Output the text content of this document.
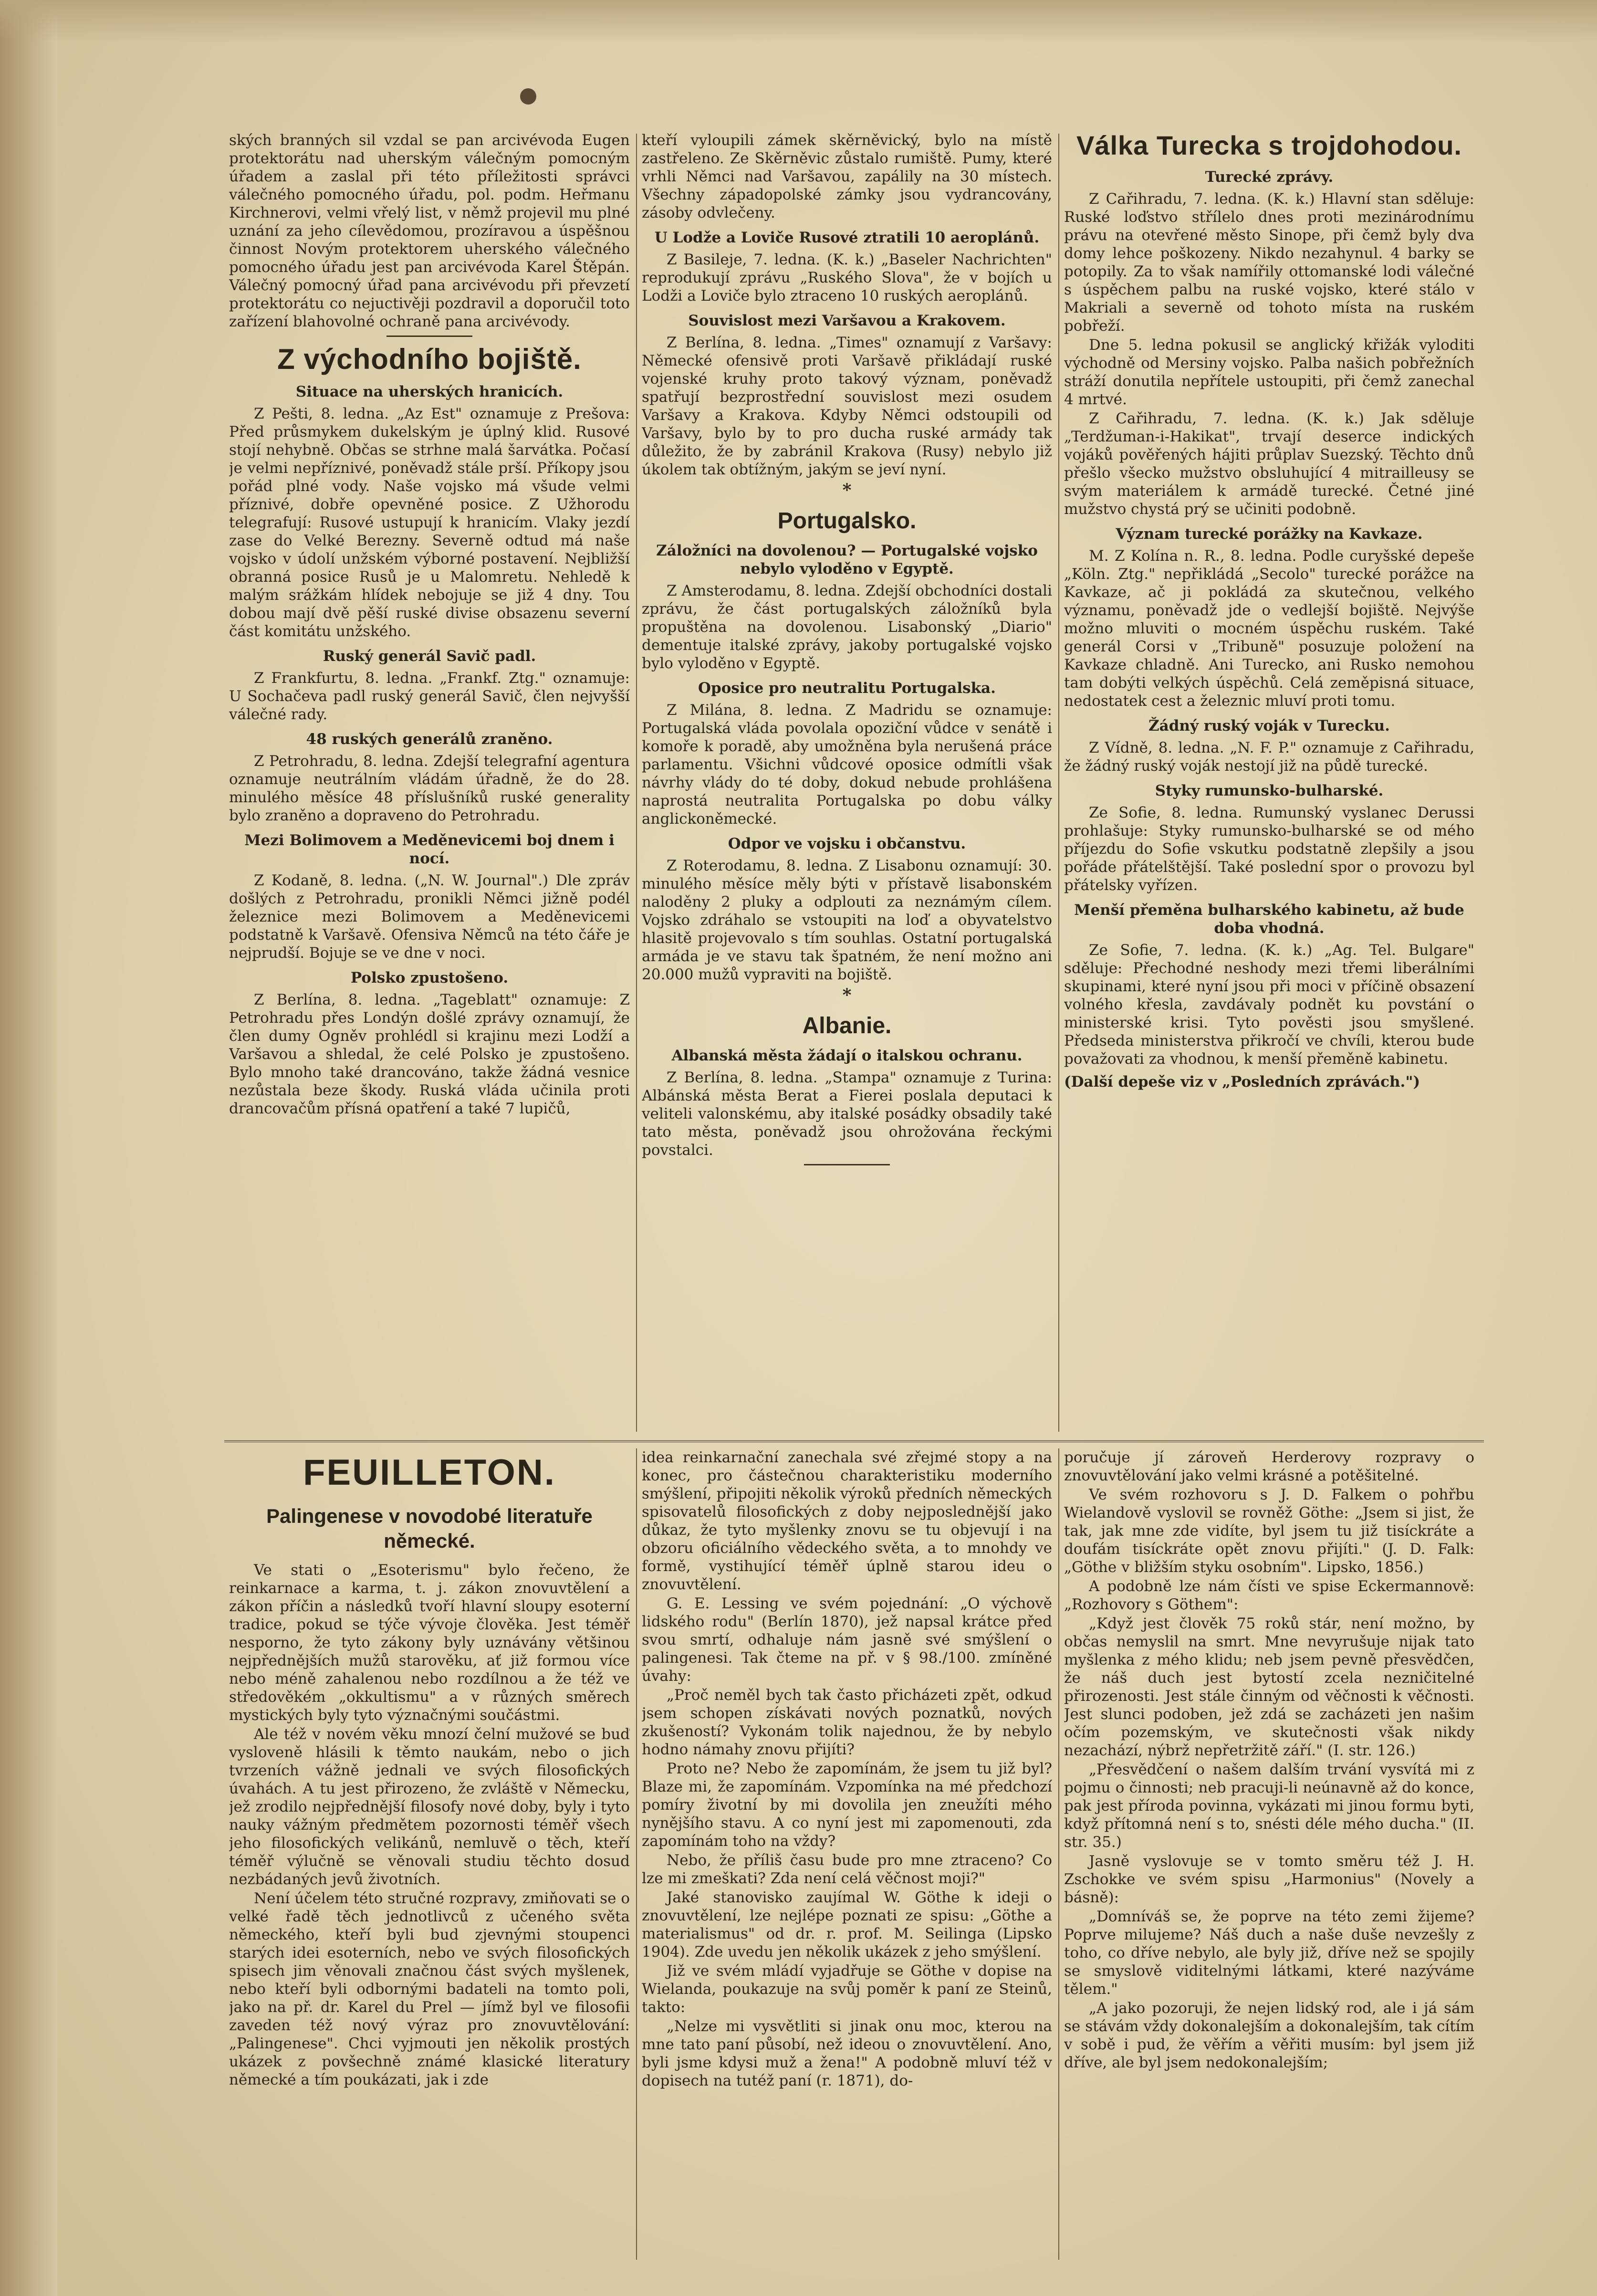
ských branných sil vzdal se pan arcivévoda Eugen protektorátu nad uherským válečným pomocným úřadem a zaslal při této příležitosti správci válečného pomocného úřadu, pol. podm. Heřmanu Kirchnerovi, velmi vřelý list, v němž projevil mu plné uznání za jeho cílevědomou, prozíravou a úspěšnou činnost Novým protektorem uherského válečného pomocného úřadu jest pan arcivévoda Karel Štěpán. Válečný pomocný úřad pana arcivévodu při převzetí protektorátu co nejuctivěji pozdravil a doporučil toto zařízení blahovolné ochraně pana arcivévody.

Z východního bojiště.
Situace na uherských hranicích.

Z Pešti, 8. ledna. „Az Est" oznamuje z Prešova: Před průsmykem dukelským je úplný klid. Rusové stojí nehybně. Občas se strhne malá šarvátka. Počasí je velmi nepříznivé, poněvadž stále prší. Příkopy jsou pořád plné vody. Naše vojsko má všude velmi příznivé, dobře opevněné posice. Z Užhorodu telegrafují: Rusové ustupují k hranicím. Vlaky jezdí zase do Velké Berezny. Severně odtud má naše vojsko v údolí unžském výborné postavení. Nejbližší obranná posice Rusů je u Malomretu. Nehledě k malým srážkám hlídek nebojuje se již 4 dny. Tou dobou mají dvě pěší ruské divise obsazenu severní část komitátu unžského.

Ruský generál Savič padl.

Z Frankfurtu, 8. ledna. „Frankf. Ztg." oznamuje: U Sochačeva padl ruský generál Savič, člen nejvyšší válečné rady.

48 ruských generálů zraněno.

Z Petrohradu, 8. ledna. Zdejší telegrafní agentura oznamuje neutrálním vládám úřadně, že do 28. minulého měsíce 48 příslušníků ruské generality bylo zraněno a dopraveno do Petrohradu.

Mezi Bolimovem a Meděnevicemi boj dnem i nocí.

Z Kodaně, 8. ledna. („N. W. Journal".) Dle zpráv došlých z Petrohradu, pronikli Němci jižně podél železnice mezi Bolimovem a Meděnevicemi podstatně k Varšavě. Ofensiva Němců na této čáře je nejprudší. Bojuje se ve dne v noci.

Polsko zpustošeno.

Z Berlína, 8. ledna. „Tageblatt" oznamuje: Z Petrohradu přes Londýn došlé zprávy oznamují, že člen dumy Ogněv prohlédl si krajinu mezi Lodží a Varšavou a shledal, že celé Polsko je zpustošeno. Bylo mnoho také drancováno, takže žádná vesnice nezůstala beze škody. Ruská vláda učinila proti drancovačům přísná opatření a také 7 lupičů,

kteří vyloupili zámek skěrněvický, bylo na místě zastřeleno. Ze Skěrněvic zůstalo rumiště. Pumy, které vrhli Němci nad Varšavou, zapálily na 30 místech. Všechny západopolské zámky jsou vydrancovány, zásoby odvlečeny.

U Lodže a Loviče Rusové ztratili 10 aeroplánů.

Z Basileje, 7. ledna. (K. k.) „Baseler Nachrichten" reprodukují zprávu „Ruského Slova", že v bojích u Lodži a Loviče bylo ztraceno 10 ruských aeroplánů.

Souvislost mezi Varšavou a Krakovem.

Z Berlína, 8. ledna. „Times" oznamují z Varšavy: Německé ofensivě proti Varšavě přikládají ruské vojenské kruhy proto takový význam, poněvadž spatřují bezprostřední souvislost mezi osudem Varšavy a Krakova. Kdyby Němci odstoupili od Varšavy, bylo by to pro ducha ruské armády tak důležito, že by zabránil Krakova (Rusy) nebylo již úkolem tak obtížným, jakým se jeví nyní.

*
Portugalsko.
Záložníci na dovolenou? — Portugalské vojsko nebylo vyloděno v Egyptě.

Z Amsterodamu, 8. ledna. Zdejší obchodníci dostali zprávu, že část portugalských záložníků byla propuštěna na dovolenou. Lisabonský „Diario" dementuje italské zprávy, jakoby portugalské vojsko bylo vyloděno v Egyptě.

Oposice pro neutralitu Portugalska.

Z Milána, 8. ledna. Z Madridu se oznamuje: Portugalská vláda povolala opoziční vůdce v senátě i komoře k poradě, aby umožněna byla nerušená práce parlamentu. Všichni vůdcové oposice odmítli však návrhy vlády do té doby, dokud nebude prohlášena naprostá neutralita Portugalska po dobu války anglickoněmecké.

Odpor ve vojsku i občanstvu.

Z Roterodamu, 8. ledna. Z Lisabonu oznamují: 30. minulého měsíce měly býti v přístavě lisabonském naloděny 2 pluky a odplouti za neznámým cílem. Vojsko zdráhalo se vstoupiti na loď a obyvatelstvo hlasitě projevovalo s tím souhlas. Ostatní portugalská armáda je ve stavu tak špatném, že není možno ani 20.000 mužů vypraviti na bojiště.

*
Albanie.
Albanská města žádají o italskou ochranu.

Z Berlína, 8. ledna. „Stampa" oznamuje z Turina: Albánská města Berat a Fierei poslala deputaci k veliteli valonskému, aby italské posádky obsadily také tato města, poněvadž jsou ohrožována řeckými povstalci.

Válka Turecka s trojdohodou.
Turecké zprávy.

Z Cařihradu, 7. ledna. (K. k.) Hlavní stan sděluje: Ruské loďstvo střílelo dnes proti mezinárodnímu právu na otevřené město Sinope, při čemž byly dva domy lehce poškozeny. Nikdo nezahynul. 4 barky se potopily. Za to však namířily ottomanské lodi válečné s úspěchem palbu na ruské vojsko, které stálo v Makriali a severně od tohoto místa na ruském pobřeží.

Dne 5. ledna pokusil se anglický křižák vyloditi východně od Mersiny vojsko. Palba našich pobřežních stráží donutila nepřítele ustoupiti, při čemž zanechal 4 mrtvé.

Z Cařihradu, 7. ledna. (K. k.) Jak sděluje „Terdžuman-i-Hakikat", trvají deserce indických vojáků pověřených hájiti průplav Suezský. Těchto dnů přešlo všecko mužstvo obsluhující 4 mitrailleusy se svým materiálem k armádě turecké. Četné jiné mužstvo chystá prý se učiniti podobně.

Význam turecké porážky na Kavkaze.

M. Z Kolína n. R., 8. ledna. Podle curyšské depeše „Köln. Ztg." nepřikládá „Secolo" turecké porážce na Kavkaze, ač ji pokládá za skutečnou, velkého významu, poněvadž jde o vedlejší bojiště. Nejvýše možno mluviti o mocném úspěchu ruském. Také generál Corsi v „Tribuně" posuzuje položení na Kavkaze chladně. Ani Turecko, ani Rusko nemohou tam dobýti velkých úspěchů. Celá zeměpisná situace, nedostatek cest a železnic mluví proti tomu.

Žádný ruský voják v Turecku.

Z Vídně, 8. ledna. „N. F. P." oznamuje z Cařihradu, že žádný ruský voják nestojí již na půdě turecké.

Styky rumunsko-bulharské.

Ze Sofie, 8. ledna. Rumunský vyslanec Derussi prohlašuje: Styky rumunsko-bulharské se od mého příjezdu do Sofie vskutku podstatně zlepšily a jsou pořáde přátelštější. Také poslední spor o provozu byl přátelsky vyřízen.

Menší přeměna bulharského kabinetu, až bude doba vhodná.

Ze Sofie, 7. ledna. (K. k.) „Ag. Tel. Bulgare" sděluje: Přechodné neshody mezi třemi liberálními skupinami, které nyní jsou při moci v příčině obsazení volného křesla, zavdávaly podnět ku povstání o ministerské krisi. Tyto pověsti jsou smyšlené. Předseda ministerstva přikročí ve chvíli, kterou bude považovati za vhodnou, k menší přeměně kabinetu.

(Další depeše viz v „Posledních zprávách.")
FEUILLETON.
Palingenese v novodobé literatuře německé.

Ve stati o „Esoterismu" bylo řečeno, že reinkarnace a karma, t. j. zákon znovuvtělení a zákon příčin a následků tvoří hlavní sloupy esoterní tradice, pokud se týče vývoje člověka. Jest téměř nesporno, že tyto zákony byly uznávány většinou nejpřednějších mužů starověku, ať již formou více nebo méně zahalenou nebo rozdílnou a že též ve středověkém „okkultismu" a v různých směrech mystických byly tyto význačnými součástmi.

Ale též v novém věku mnozí čelní mužové se buď vysloveně hlásili k těmto naukám, nebo o jich tvrzeních vážně jednali ve svých filosofických úvahách. A tu jest přirozeno, že zvláště v Německu, jež zrodilo nejpřednější filosofy nové doby, byly i tyto nauky vážným předmětem pozornosti téměř všech jeho filosofických velikánů, nemluvě o těch, kteří téměř výlučně se věnovali studiu těchto dosud nezbádaných jevů životních.

Není účelem této stručné rozpravy, zmiňovati se o velké řadě těch jednotlivců z učeného světa německého, kteří byli bud zjevnými stoupenci starých idei esoterních, nebo ve svých filosofických spisech jim věnovali značnou část svých myšlenek, nebo kteří byli odbornými badateli na tomto poli, jako na př. dr. Karel du Prel — jímž byl ve filosofii zaveden též nový výraz pro znovuvtělování: „Palingenese". Chci vyjmouti jen několik prostých ukázek z povšechně známé klasické literatury německé a tím poukázati, jak i zde

idea reinkarnační zanechala své zřejmé stopy a na konec, pro částečnou charakteristiku moderního smýšlení, připojiti několik výroků předních německých spisovatelů filosofických z doby nejposlednější jako důkaz, že tyto myšlenky znovu se tu objevují i na obzoru oficiálního vědeckého světa, a to mnohdy ve formě, vystihující téměř úplně starou ideu o znovuvtělení.

G. E. Lessing ve svém pojednání: „O výchově lidského rodu" (Berlín 1870), jež napsal krátce před svou smrtí, odhaluje nám jasně své smýšlení o palingenesi. Tak čteme na př. v § 98./100. zmíněné úvahy:

„Proč neměl bych tak často přicházeti zpět, odkud jsem schopen získávati nových poznatků, nových zkušeností? Vykonám tolik najednou, že by nebylo hodno námahy znovu přijíti?

Proto ne? Nebo že zapomínám, že jsem tu již byl? Blaze mi, že zapomínám. Vzpomínka na mé předchozí pomíry životní by mi dovolila jen zneužíti mého nynějšího stavu. A co nyní jest mi zapomenouti, zda zapomínám toho na vždy?

Nebo, že příliš času bude pro mne ztraceno? Co lze mi zmeškati? Zda není celá věčnost moji?"

Jaké stanovisko zaujímal W. Göthe k ideji o znovuvtělení, lze nejlépe poznati ze spisu: „Göthe a materialismus" od dr. r. prof. M. Seilinga (Lipsko 1904). Zde uvedu jen několik ukázek z jeho smýšlení.

Již ve svém mládí vyjadřuje se Göthe v dopise na Wielanda, poukazuje na svůj poměr k paní ze Steinů, takto:

„Nelze mi vysvětliti si jinak onu moc, kterou na mne tato paní působí, než ideou o znovuvtělení. Ano, byli jsme kdysi muž a žena!" A podobně mluví též v dopisech na tutéž paní (r. 1871), do-

poručuje jí zároveň Herderovy rozpravy o znovuvtělování jako velmi krásné a potěšitelné.

Ve svém rozhovoru s J. D. Falkem o pohřbu Wielandově vyslovil se rovněž Göthe: „Jsem si jist, že tak, jak mne zde vidíte, byl jsem tu již tisíckráte a doufám tisíckráte opět znovu přijíti." (J. D. Falk: „Göthe v bližším styku osobním". Lipsko, 1856.)

A podobně lze nám čísti ve spise Eckermannově: „Rozhovory s Göthem":

„Když jest člověk 75 roků stár, není možno, by občas nemyslil na smrt. Mne nevyrušuje nijak tato myšlenka z mého klidu; neb jsem pevně přesvědčen, že náš duch jest bytostí zcela nezničitelné přirozenosti. Jest stále činným od věčnosti k věčnosti. Jest slunci podoben, jež zdá se zacházeti jen našim očím pozemským, ve skutečnosti však nikdy nezachází, nýbrž nepřetržitě září." (I. str. 126.)

„Přesvědčení o našem dalším trvání vysvítá mi z pojmu o činnosti; neb pracuji-li neúnavně až do konce, pak jest příroda povinna, vykázati mi jinou formu byti, když přítomná není s to, snésti déle mého ducha." (II. str. 35.)

Jasně vyslovuje se v tomto směru též J. H. Zschokke ve svém spisu „Harmonius" (Novely a básně):

„Domníváš se, že poprve na této zemi žijeme? Poprve milujeme? Náš duch a naše duše nevzešly z toho, co dříve nebylo, ale byly již, dříve než se spojily se smyslově viditelnými látkami, které nazýváme tělem."

„A jako pozoruji, že nejen lidský rod, ale i já sám se stávám vždy dokonalejším a dokonalejším, tak cítím v sobě i pud, že věřím a věřiti musím: byl jsem již dříve, ale byl jsem nedokonalejším;
